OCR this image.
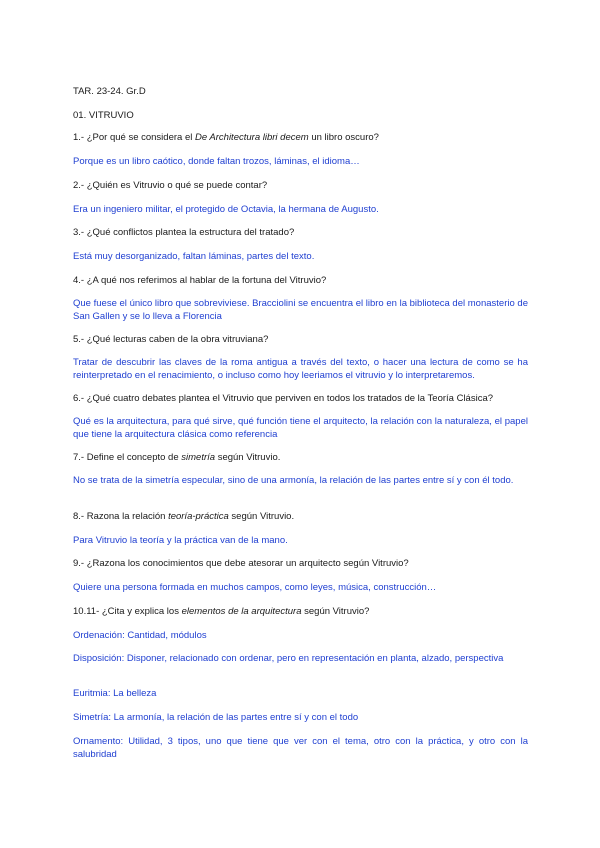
TAR. 23-24. Gr.D
01. VITRUVIO
1.- ¿Por qué se considera el De Architectura libri decem un libro oscuro?
Porque es un libro caótico, donde faltan trozos, láminas, el idioma…
2.- ¿Quién es Vitruvio o qué se puede contar?
Era un ingeniero militar, el protegido de Octavia, la hermana de Augusto.
3.- ¿Qué conflictos plantea la estructura del tratado?
Está muy desorganizado, faltan láminas, partes del texto.
4.- ¿A qué nos referimos al hablar de la fortuna del Vitruvio?
Que fuese el único libro que sobreviviese. Bracciolini se encuentra el libro en la biblioteca del monasterio de San Gallen y se lo lleva a Florencia
5.- ¿Qué lecturas caben de la obra vitruviana?
Tratar de descubrir las claves de la roma antigua a través del texto, o hacer una lectura de como se ha reinterpretado en el renacimiento, o incluso como hoy leeriamos el vitruvio y lo interpretaremos.
6.- ¿Qué cuatro debates plantea el Vitruvio que perviven en todos los tratados de la Teoría Clásica?
Qué es la arquitectura, para qué sirve, qué función tiene el arquitecto, la relación con la naturaleza, el papel que tiene la arquitectura clásica como referencia
7.- Define el concepto de simetría según Vitruvio.
No se trata de la simetría especular, sino de una armonía, la relación de las partes entre sí y con él todo.
8.- Razona la relación teoría-práctica según Vitruvio.
Para Vitruvio la teoría y la práctica van de la mano.
9.- ¿Razona los conocimientos que debe atesorar un arquitecto según Vitruvio?
Quiere una persona formada en muchos campos, como leyes, música, construcción…
10.11- ¿Cita y explica los elementos de la arquitectura según Vitruvio?
Ordenación: Cantidad, módulos
Disposición: Disponer, relacionado con ordenar, pero en representación en planta, alzado, perspectiva
Euritmia: La belleza
Simetría: La armonía, la relación de las partes entre sí y con el todo
Ornamento: Utilidad, 3 tipos, uno que tiene que ver con el tema, otro con la práctica, y otro con la salubridad
